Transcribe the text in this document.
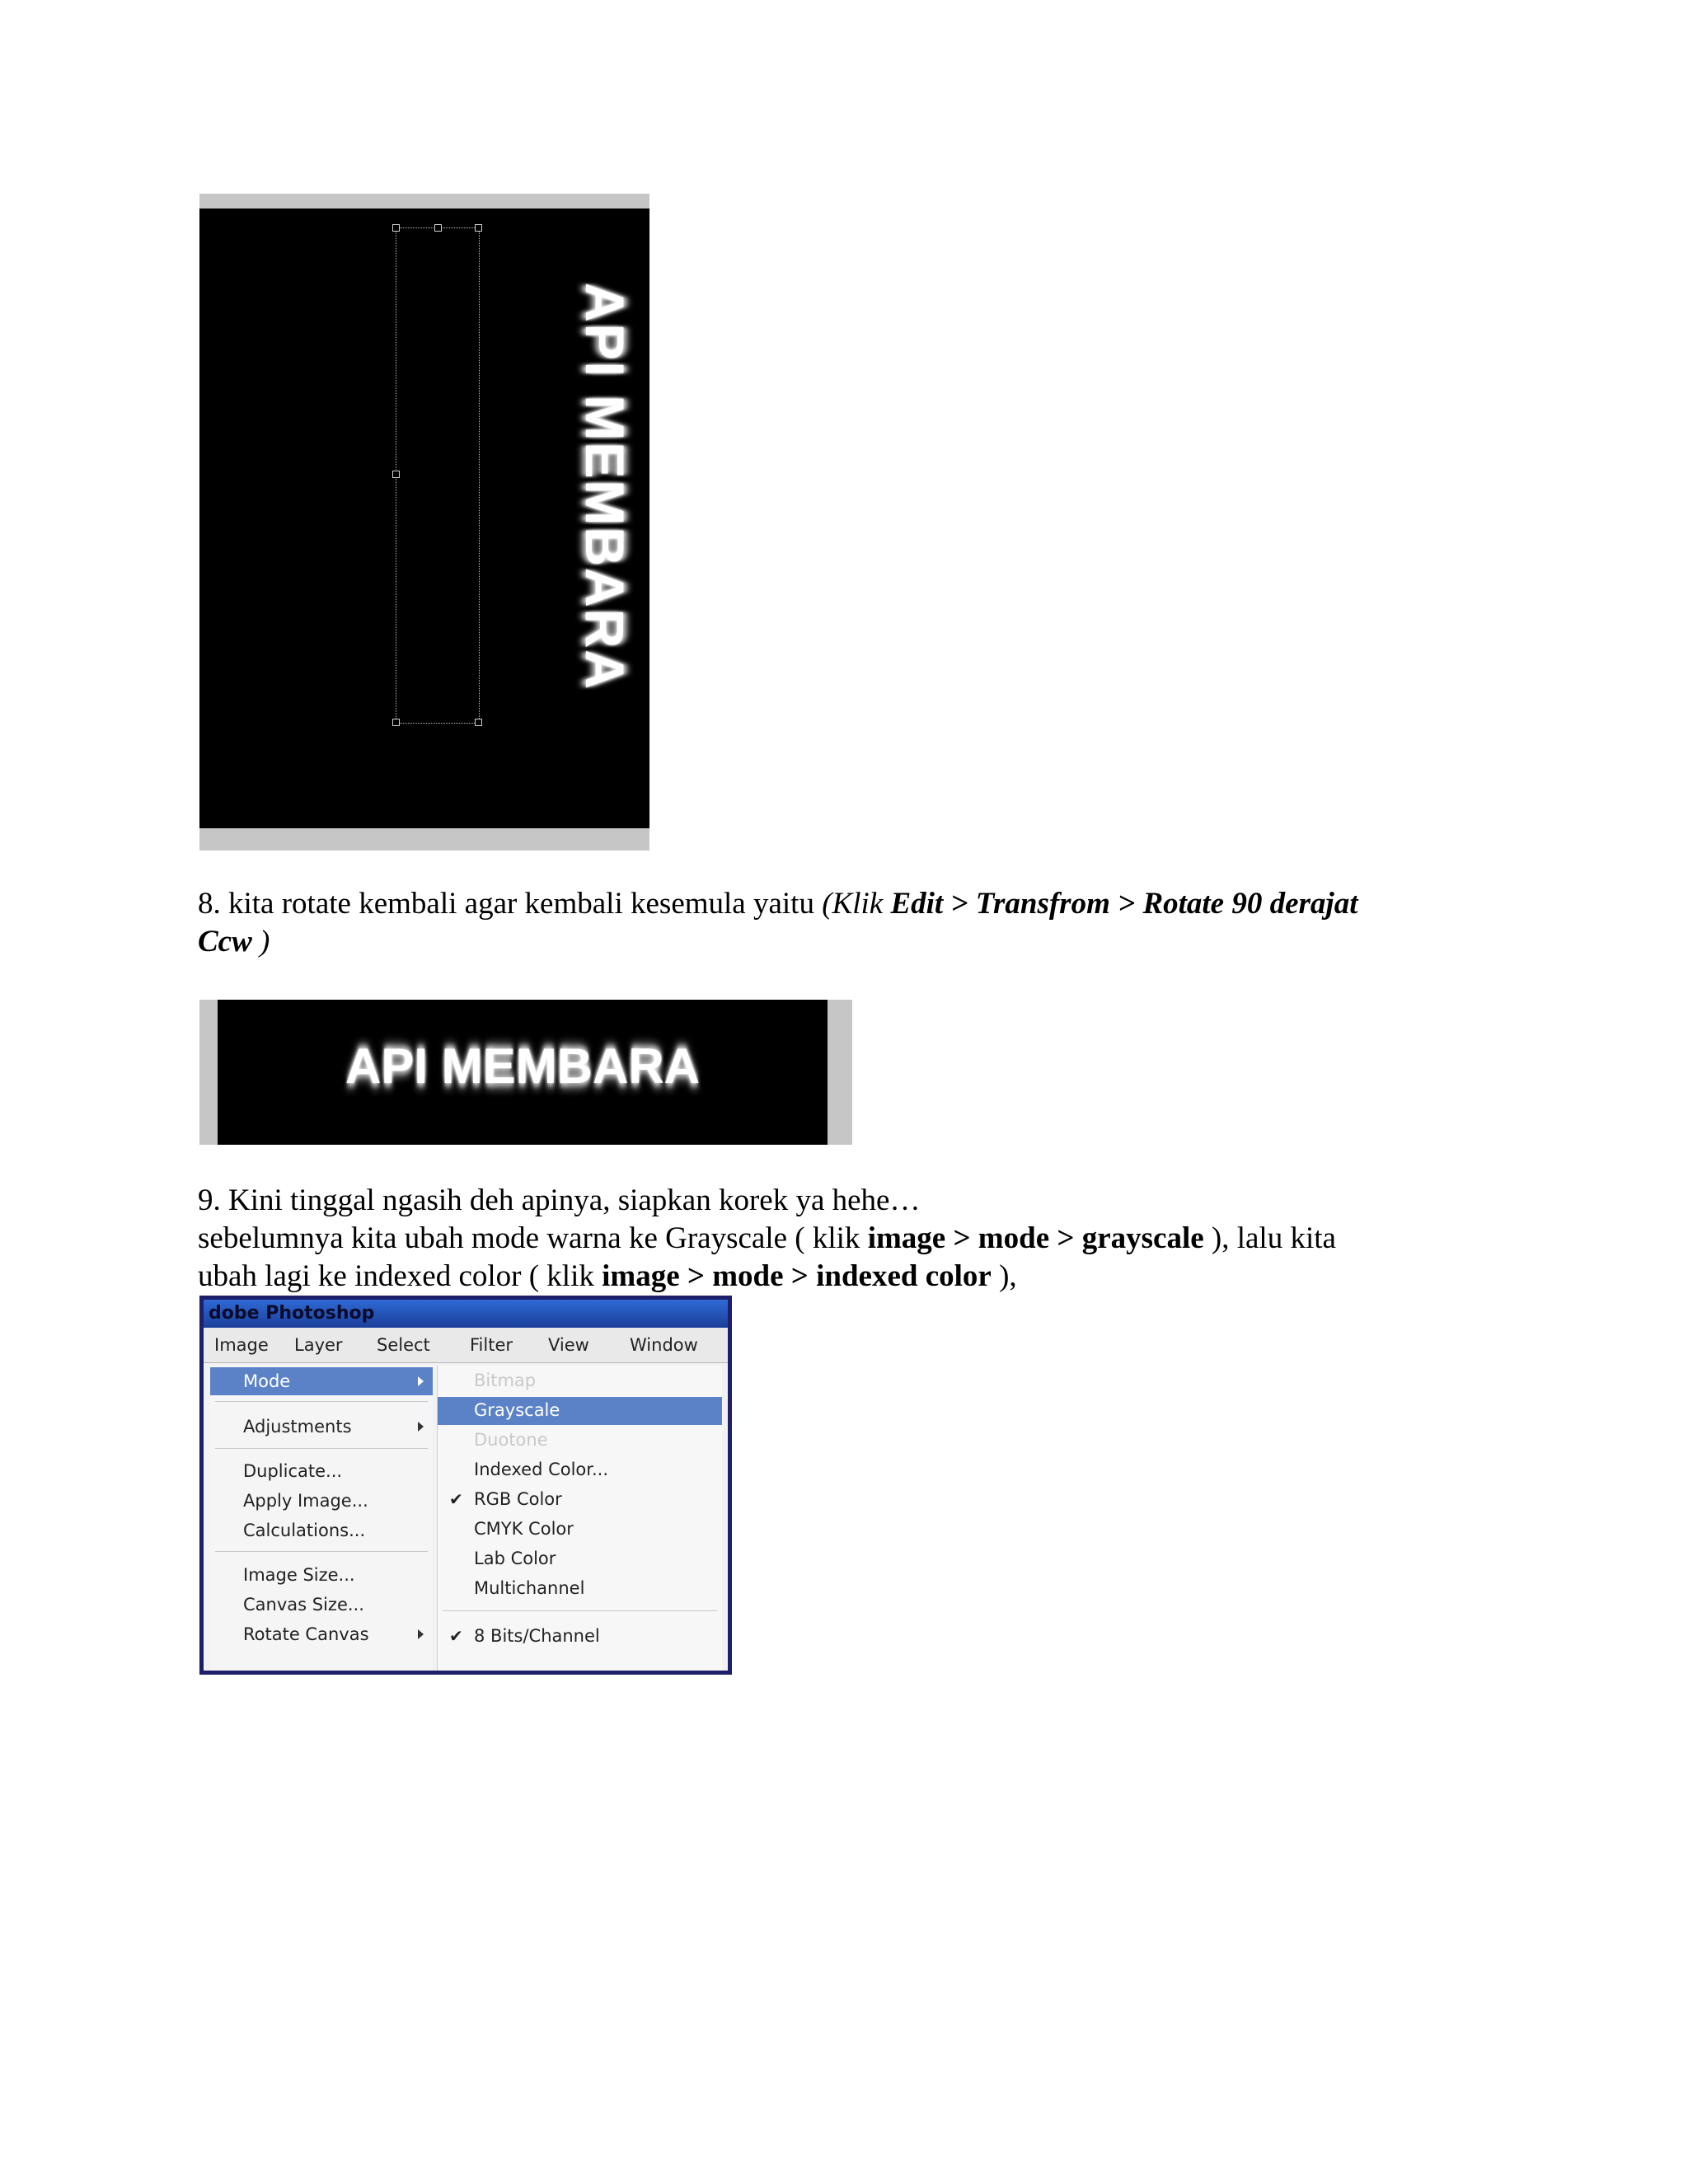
API MEMBARA
8. kita rotate kembali agar kembali kesemula yaitu (Klik Edit > Transfrom > Rotate 90 derajat
Ccw )
API MEMBARA
9. Kini tinggal ngasih deh apinya, siapkan korek ya hehe…
sebelumnya kita ubah mode warna ke Grayscale ( klik image > mode > grayscale ), lalu kita
ubah lagi ke indexed color ( klik image > mode > indexed color ),
dobe Photoshop
Image Layer Select Filter View Window
Mode
Adjustments
Duplicate...
Apply Image...
Calculations...
Image Size...
Canvas Size...
Rotate Canvas
Bitmap
Grayscale
Duotone
Indexed Color...
✔ RGB Color
CMYK Color
Lab Color
Multichannel
✔ 8 Bits/Channel
